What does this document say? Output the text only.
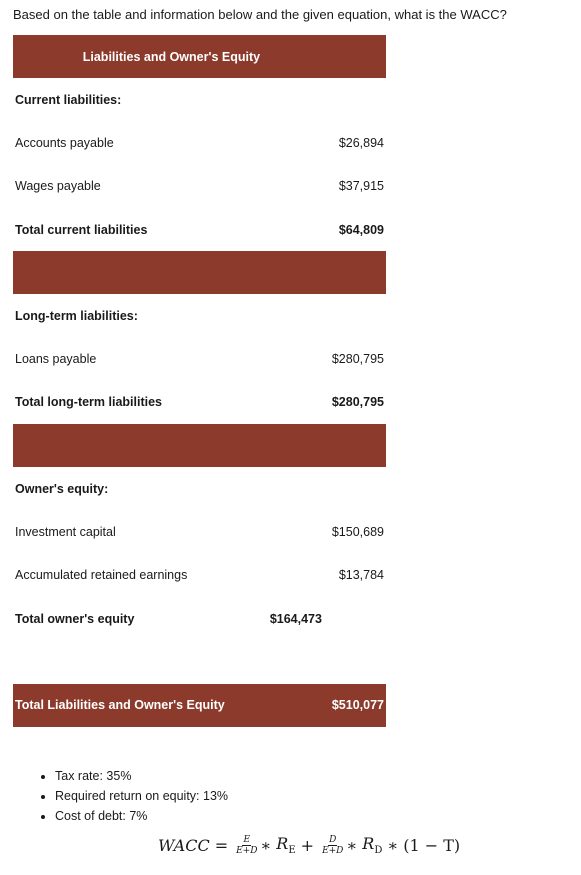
Based on the table and information below and the given equation, what is the WACC?
Liabilities and Owner's Equity		
Current liabilities:		
Accounts payable		$26,894
Wages payable		$37,915
Total current liabilities		$64,809

Long-term liabilities:		
Loans payable		$280,795
Total long-term liabilities		$280,795

Owner's equity:		
Investment capital		$150,689
Accumulated retained earnings		$13,784
Total owner's equity	$164,473	

Total Liabilities and Owner's Equity		$510,077
• Tax rate: 35%
• Required return on equity: 13%
• Cost of debt: 7%
WACC = $\frac{E}{E+D}$ ∗ $R_E + \frac{D}{E+D}$ ∗ $R_D$ ∗ (1 − T)
